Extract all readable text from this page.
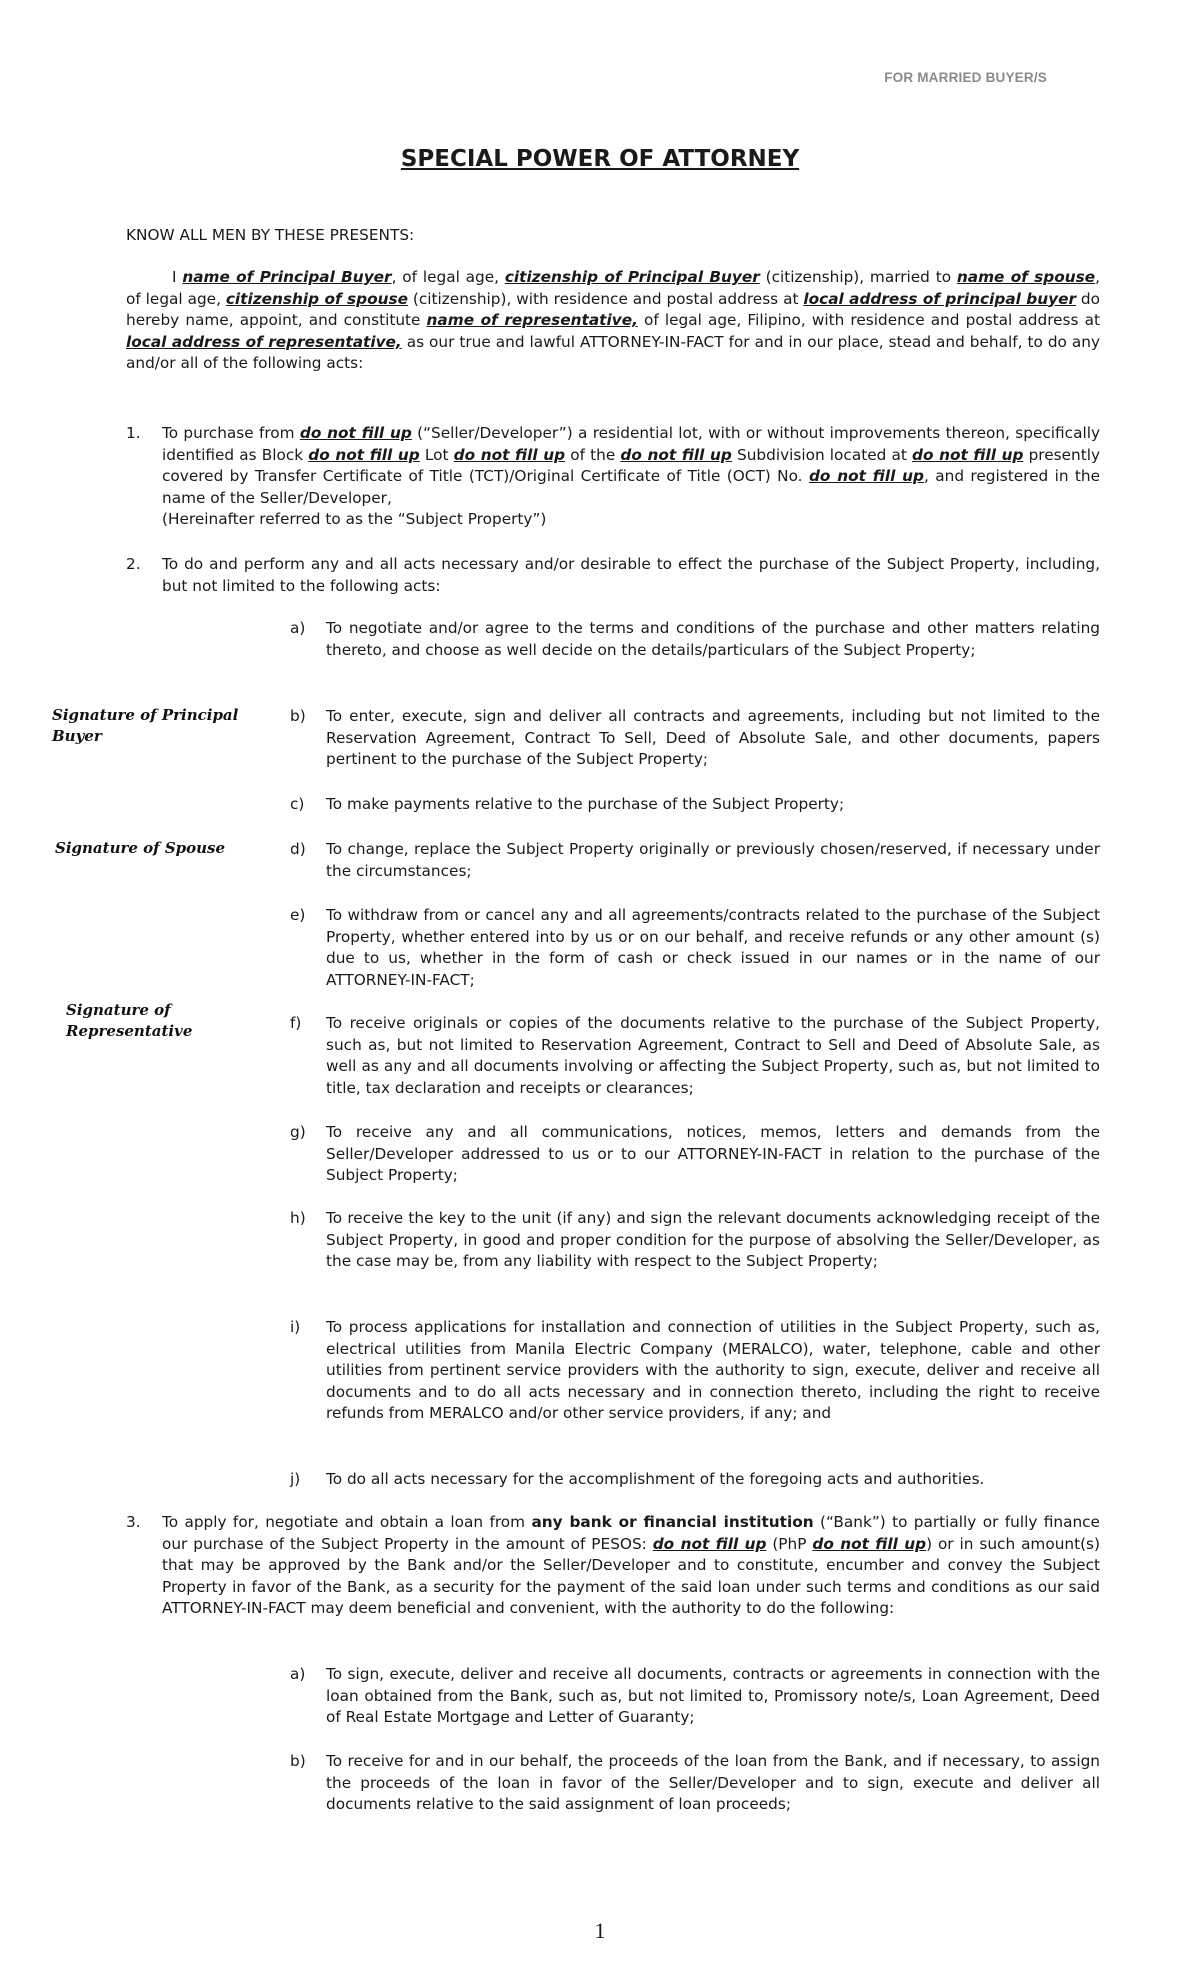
FOR MARRIED BUYER/S
SPECIAL POWER OF ATTORNEY
KNOW ALL MEN BY THESE PRESENTS:
I name of Principal Buyer, of legal age, citizenship of Principal Buyer (citizenship), married to name of spouse, of legal age, citizenship of spouse (citizenship), with residence and postal address at local address of principal buyer do hereby name, appoint, and constitute name of representative, of legal age, Filipino, with residence and postal address at local address of representative, as our true and lawful ATTORNEY-IN-FACT for and in our place, stead and behalf, to do any and/or all of the following acts:
1.	To purchase from do not fill up (“Seller/Developer”) a residential lot, with or without improvements thereon, specifically identified as Block do not fill up Lot do not fill up of the do not fill up Subdivision located at do not fill up presently covered by Transfer Certificate of Title (TCT)/Original Certificate of Title (OCT) No. do not fill up, and registered in the name of the Seller/Developer,

(Hereinafter referred to as the “Subject Property”)
2.	To do and perform any and all acts necessary and/or desirable to effect the purchase of the Subject Property, including, but not limited to the following acts:
a)	To negotiate and/or agree to the terms and conditions of the purchase and other matters relating thereto, and choose as well decide on the details/particulars of the Subject Property;
b)	To enter, execute, sign and deliver all contracts and agreements, including but not limited to the Reservation Agreement, Contract To Sell, Deed of Absolute Sale, and other documents, papers pertinent to the purchase of the Subject Property;
c)	To make payments relative to the purchase of the Subject Property;
d)	To change, replace the Subject Property originally or previously chosen/reserved, if necessary under the circumstances;
e)	To withdraw from or cancel any and all agreements/contracts related to the purchase of the Subject Property, whether entered into by us or on our behalf, and receive refunds or any other amount (s) due to us, whether in the form of cash or check issued in our names or in the name of our ATTORNEY-IN-FACT;
f)	To receive originals or copies of the documents relative to the purchase of the Subject Property, such as, but not limited to Reservation Agreement, Contract to Sell and Deed of Absolute Sale, as well as any and all documents involving or affecting the Subject Property, such as, but not limited to title, tax declaration and receipts or clearances;
g)	To receive any and all communications, notices, memos, letters and demands from the Seller/Developer addressed to us or to our ATTORNEY-IN-FACT in relation to the purchase of the Subject Property;
h)	To receive the key to the unit (if any) and sign the relevant documents acknowledging receipt of the Subject Property, in good and proper condition for the purpose of absolving the Seller/Developer, as the case may be, from any liability with respect to the Subject Property;
i)	To process applications for installation and connection of utilities in the Subject Property, such as, electrical utilities from Manila Electric Company (MERALCO), water, telephone, cable and other utilities from pertinent service providers with the authority to sign, execute, deliver and receive all documents and to do all acts necessary and in connection thereto, including the right to receive refunds from MERALCO and/or other service providers, if any; and
j)	To do all acts necessary for the accomplishment of the foregoing acts and authorities.
3.	To apply for, negotiate and obtain a loan from any bank or financial institution (“Bank”) to partially or fully finance our purchase of the Subject Property in the amount of PESOS: do not fill up (PhP do not fill up) or in such amount(s) that may be approved by the Bank and/or the Seller/Developer and to constitute, encumber and convey the Subject Property in favor of the Bank, as a security for the payment of the said loan under such terms and conditions as our said ATTORNEY-IN-FACT may deem beneficial and convenient, with the authority to do the following:
a)	To sign, execute, deliver and receive all documents, contracts or agreements in connection with the loan obtained from the Bank, such as, but not limited to, Promissory note/s, Loan Agreement, Deed of Real Estate Mortgage and Letter of Guaranty;
b)	To receive for and in our behalf, the proceeds of the loan from the Bank, and if necessary, to assign the proceeds of the loan in favor of the Seller/Developer and to sign, execute and deliver all documents relative to the said assignment of loan proceeds;
Signature of Principal Buyer
Signature of Spouse
Signature of Representative
1
